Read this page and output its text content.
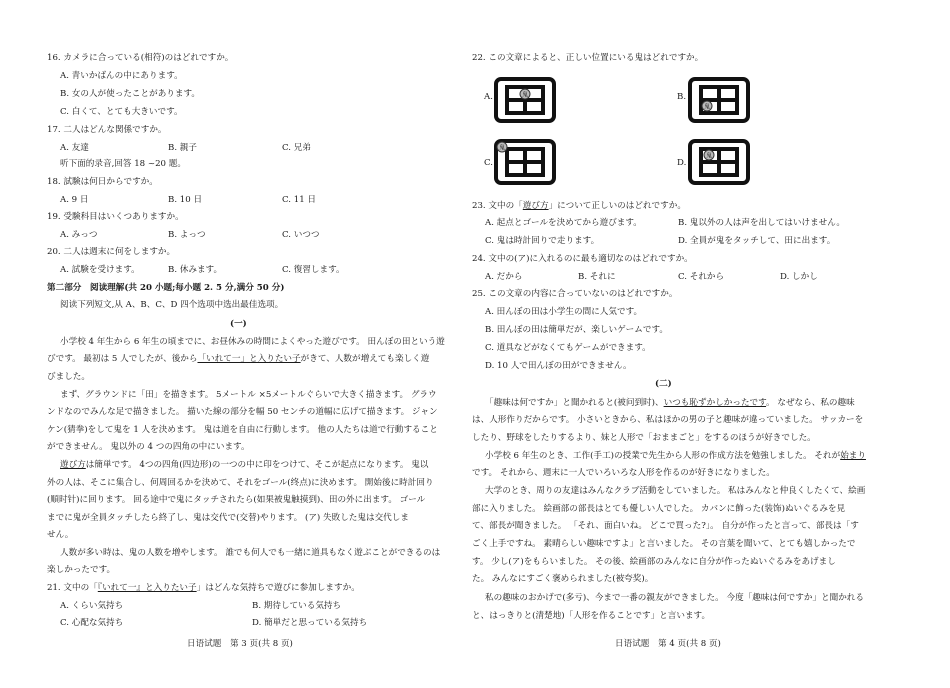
16. カメラに合っている(相符)のはどれですか。
A. 青いかばんの中にあります。
B. 女の人が使ったことがあります。
C. 白くて、とても大きいです。
17. 二人はどんな関係ですか。
A. 友達	B. 親子	C. 兄弟
听下面的录音,回答 18 ~20 题。
18. 試験は何日からですか。
A. 9 日	B. 10 日	C. 11 日
19. 受験科目はいくつありますか。
A. みっつ	B. よっつ	C. いつつ
20. 二人は週末に何をしますか。
A. 試験を受けます。	B. 休みます。	C. 復習します。
第二部分　阅读理解(共 20 小题;每小题 2. 5 分,满分 50 分)
阅读下列短文,从 A、B、C、D 四个选项中选出最佳选项。
(一)
小学校 4 年生から 6 年生の頃までに、お昼休みの時間によくやった遊びです。 田んぼの田という遊
びです。 最初は 5 人でしたが、後から「いれて一」と入りたい子がきて、人数が増えても楽しく遊
びました。
まず、グラウンドに「田」を描きます。 5メートル ×5メートルぐらいで大きく描きます。 グラウ
ンドなのでみんな足で描きました。 描いた線の部分を幅 50 センチの道幅に広げて描きます。 ジャン
ケン(猜拳)をして鬼を 1 人を決めます。 鬼は道を自由に行動します。 他の人たちは道で行動すること
ができません。 鬼以外の 4 つの四角の中にいます。
遊び方は簡単です。 4つの四角(四边形)の一つの中に印をつけて、そこが起点になります。 鬼以
外の人は、そこに集合し、何周回るかを決めて、それをゴール(终点)に決めます。 開始後に時計回り
(順时针)に回ります。 回る途中で鬼にタッチされたら(如果被鬼触摸到)、田の外に出ます。 ゴール
までに鬼が全員タッチしたら終了し、鬼は交代で(交替)やります。 (ア) 失敗した鬼は交代しま
せん。
人数が多い時は、鬼の人数を増やします。 誰でも何人でも一緒に道具もなく遊ぶことができるのは
楽しかったです。
21. 文中の「『いれて一』と入りたい子」はどんな気持ちで遊びに参加しますか。
A. くらい気持ち	B. 期待している気持ち
C. 心配な気持ち	D. 簡単だと思っている気持ち
日语试题　第 3 页(共 8 页)
22. この文章によると、正しい位置にいる鬼はどれですか。
A.	鬼	B.
鬼
C.
鬼
D.
鬼
23. 文中の「遊び方」について正しいのはどれですか。
A. 起点とゴールを決めてから遊びます。	B. 鬼以外の人は声を出してはいけません。
C. 鬼は時計回りで走ります。	D. 全員が鬼をタッチして、田に出ます。
24. 文中の(ア)に入れるのに最も適切なのはどれですか。
A. だから	B. それに	C. それから	D. しかし
25. この文章の内容に合っていないのはどれですか。
A. 田んぼの田は小学生の間に人気です。
B. 田んぼの田は簡単だが、楽しいゲームです。
C. 道具などがなくてもゲームができます。
D. 10 人で田んぼの田ができません。
(二)
「趣味は何ですか」と聞かれると(被问到时)、いつも恥ずかしかったです。 なぜなら、私の趣味
は、人形作りだからです。 小さいときから、私はほかの男の子と趣味が違っていました。 サッカーを
したり、野球をしたりするより、妹と人形で「おままごと」をするのほうが好きでした。
小学校 6 年生のとき、工作(手工)の授業で先生から人形の作成方法を勉強しました。 それが始まり
です。 それから、週末に一人でいろいろな人形を作るのが好きになりました。
大学のとき、周りの友達はみんなクラブ活動をしていました。 私はみんなと仲良くしたくて、絵画
部に入りました。 絵画部の部長はとても優しい人でした。 カバンに飾った(装饰)ぬいぐるみを見
て、部長が聞きました。 「それ、面白いね。 どこで買った?」。 自分が作ったと言って、部長は「す
ごく上手ですね。 素晴らしい趣味ですよ」と言いました。 その言葉を聞いて、とても嬉しかったで
す。 少し(ア)をもらいました。 その後、絵画部のみんなに自分が作ったぬいぐるみをあげまし
た。 みんなにすごく褒められました(被夸奖)。
私の趣味のおかげで(多亏)、今まで一番の親友ができました。 今度「趣味は何ですか」と聞かれる
と、はっきりと(清楚地)「人形を作ることです」と言います。
日语试题　第 4 页(共 8 页)
